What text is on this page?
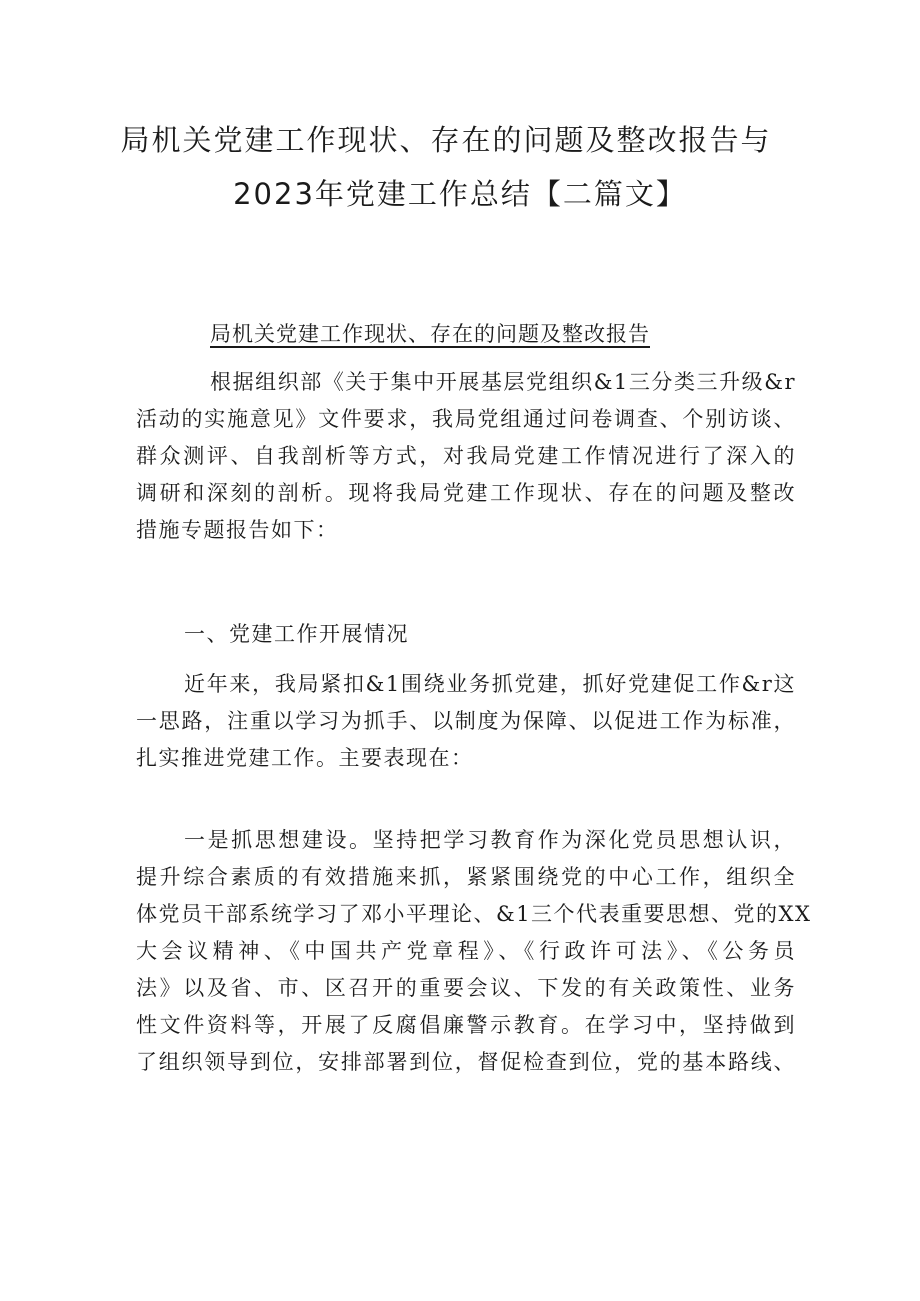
局机关党建工作现状、存在的问题及整改报告与
2023年党建工作总结【二篇文】
局机关党建工作现状、存在的问题及整改报告
根据组织部《关于集中开展基层党组织&1三分类三升级&r
活动的实施意见》文件要求，我局党组通过问卷调查、个别访谈、
群众测评、自我剖析等方式，对我局党建工作情况进行了深入的
调研和深刻的剖析。现将我局党建工作现状、存在的问题及整改
措施专题报告如下：
一、党建工作开展情况
近年来，我局紧扣&1围绕业务抓党建，抓好党建促工作&r这
一思路，注重以学习为抓手、以制度为保障、以促进工作为标准，
扎实推进党建工作。主要表现在：
一是抓思想建设。坚持把学习教育作为深化党员思想认识，
提升综合素质的有效措施来抓，紧紧围绕党的中心工作，组织全
体党员干部系统学习了邓小平理论、&1三个代表重要思想、党的XX
大会议精神、《中国共产党章程》、《行政许可法》、《公务员
法》以及省、市、区召开的重要会议、下发的有关政策性、业务
性文件资料等，开展了反腐倡廉警示教育。在学习中，坚持做到
了组织领导到位，安排部署到位，督促检查到位，党的基本路线、
